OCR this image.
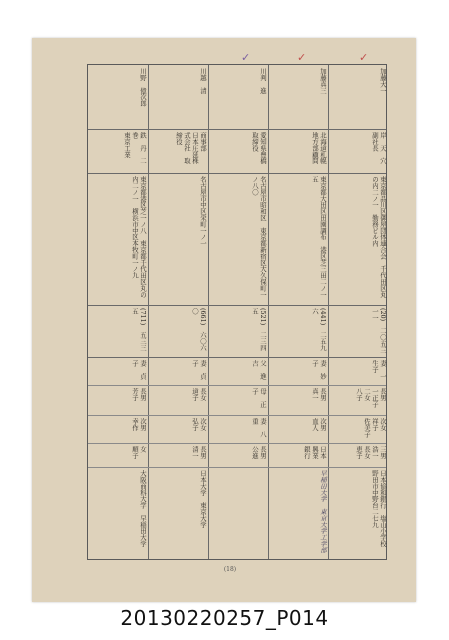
加藤大一
岸　天　穴
副社長
東京都品川区御屋団体連合会　千代田区丸の内二ノ一　勤務ビル内
(20)　二〇五三一一
妻　一生子
長男　一正子　二女　八子
次女　祥子　佐美子
三男　浩一　長女　恵子
日本協和銀行　塩山小学校　野田市中野台二七九
加藤真三
北海道札幌
地方部顧問
東京都大田区田園調布　港区芝三田二ノ一五
(441)　二五九六
妻　妙子
長男　真一
次男　直人
日本興業銀行
早稲田大学　東京大学工学部
川判　進
愛知県豊橋
取締役
名古屋市昭和区　東京都新宿区大久保町一ノ八〇
(521)　二三四五
父　進吉
母　正子
妻　八重
長男　公進
川越　清
商事部
日本圧延株式会社　取締役
名古屋市中区栄町一ノ一
(661)　六〇六〇
妻　貞子
長女　道子
次女　弘子
長男　清一
日本大学　東京大学
川野　億次郎
鉄　丹　二　巻
東京工業
東京都港区芝一ノ八　東京都千代田区丸の内二ノ一　横浜市中区本牧町一ノ九
(711)　五三三五
妻　貞子
長男　芳子
次男　幸作
女　順子
大阪商科大学　早稲田大学
✓	✓	✓
(18)
20130220257_P014
